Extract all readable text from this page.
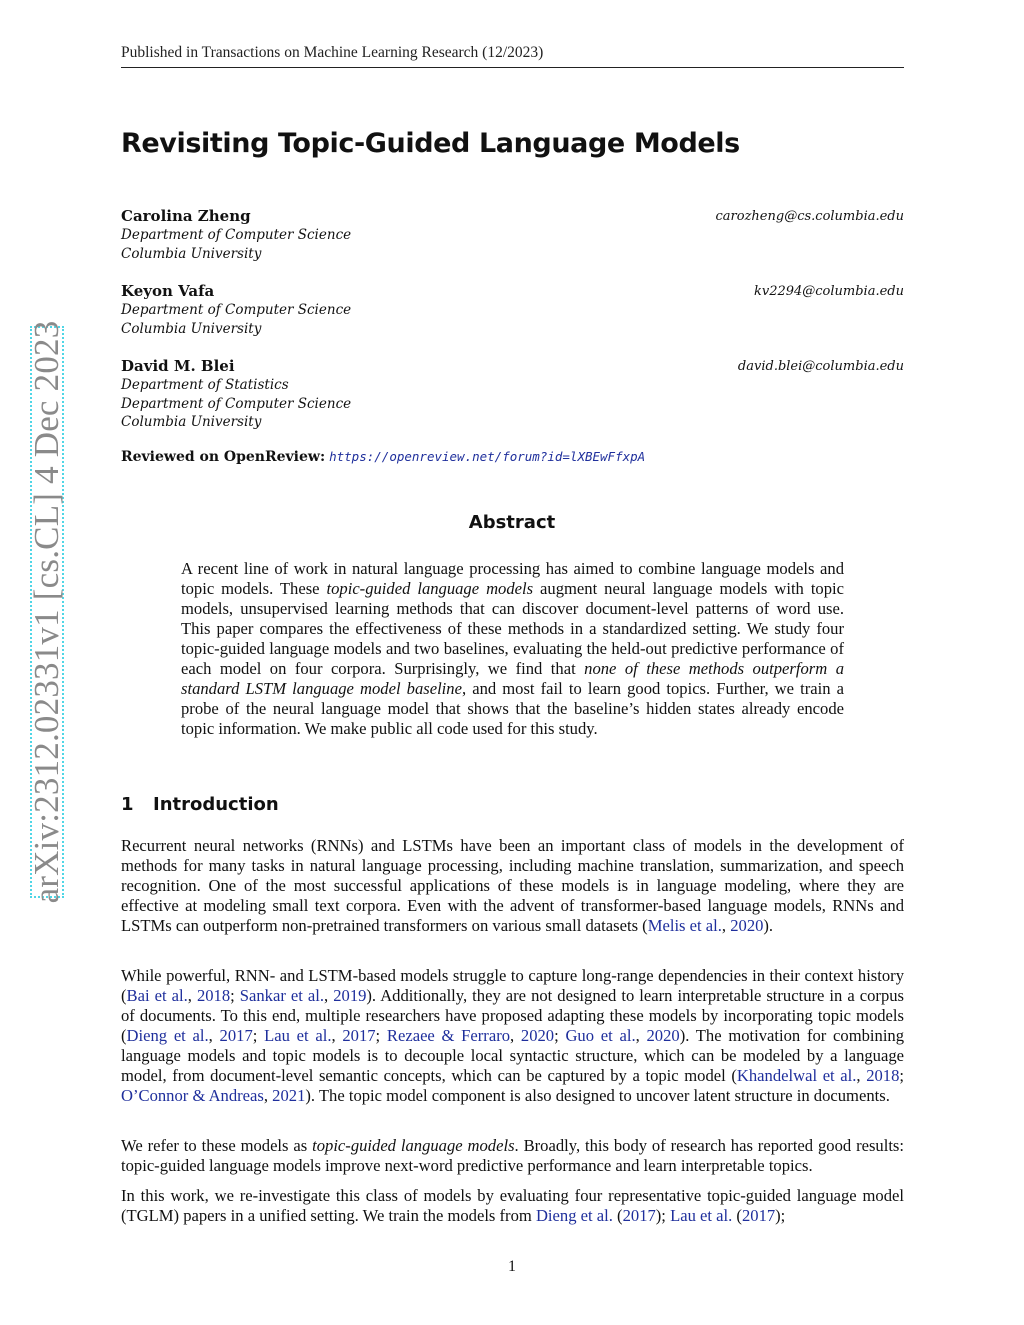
arXiv:2312.02331v1 [cs.CL] 4 Dec 2023
Published in Transactions on Machine Learning Research (12/2023)
Revisiting Topic-Guided Language Models
Carolina Zheng	carozheng@cs.columbia.edu
Department of Computer Science
Columbia University
Keyon Vafa	kv2294@columbia.edu
Department of Computer Science
Columbia University
David M. Blei	david.blei@columbia.edu
Department of Statistics
Department of Computer Science
Columbia University
Reviewed on OpenReview: https://openreview.net/forum?id=lXBEwFfxpA
Abstract

A recent line of work in natural language processing has aimed to combine language models and topic models. These topic-guided language models augment neural language models with topic models, unsupervised learning methods that can discover document-level patterns of word use. This paper compares the effectiveness of these methods in a standardized setting. We study four topic-guided language models and two baselines, evaluating the held-out predictive performance of each model on four corpora. Surprisingly, we find that none of these methods outperform a standard LSTM language model baseline, and most fail to learn good topics. Further, we train a probe of the neural language model that shows that the baseline’s hidden states already encode topic information. We make public all code used for this study.

1 Introduction

Recurrent neural networks (RNNs) and LSTMs have been an important class of models in the development of methods for many tasks in natural language processing, including machine translation, summarization, and speech recognition. One of the most successful applications of these models is in language modeling, where they are effective at modeling small text corpora. Even with the advent of transformer-based language models, RNNs and LSTMs can outperform non-pretrained transformers on various small datasets (Melis et al., 2020).

While powerful, RNN- and LSTM-based models struggle to capture long-range dependencies in their context history (Bai et al., 2018; Sankar et al., 2019). Additionally, they are not designed to learn interpretable structure in a corpus of documents. To this end, multiple researchers have proposed adapting these models by incorporating topic models (Dieng et al., 2017; Lau et al., 2017; Rezaee & Ferraro, 2020; Guo et al., 2020). The motivation for combining language models and topic models is to decouple local syntactic structure, which can be modeled by a language model, from document-level semantic concepts, which can be captured by a topic model (Khandelwal et al., 2018; O’Connor & Andreas, 2021). The topic model component is also designed to uncover latent structure in documents.

We refer to these models as topic-guided language models. Broadly, this body of research has reported good results: topic-guided language models improve next-word predictive performance and learn interpretable topics.

In this work, we re-investigate this class of models by evaluating four representative topic-guided language model (TGLM) papers in a unified setting. We train the models from Dieng et al. (2017); Lau et al. (2017);

1
